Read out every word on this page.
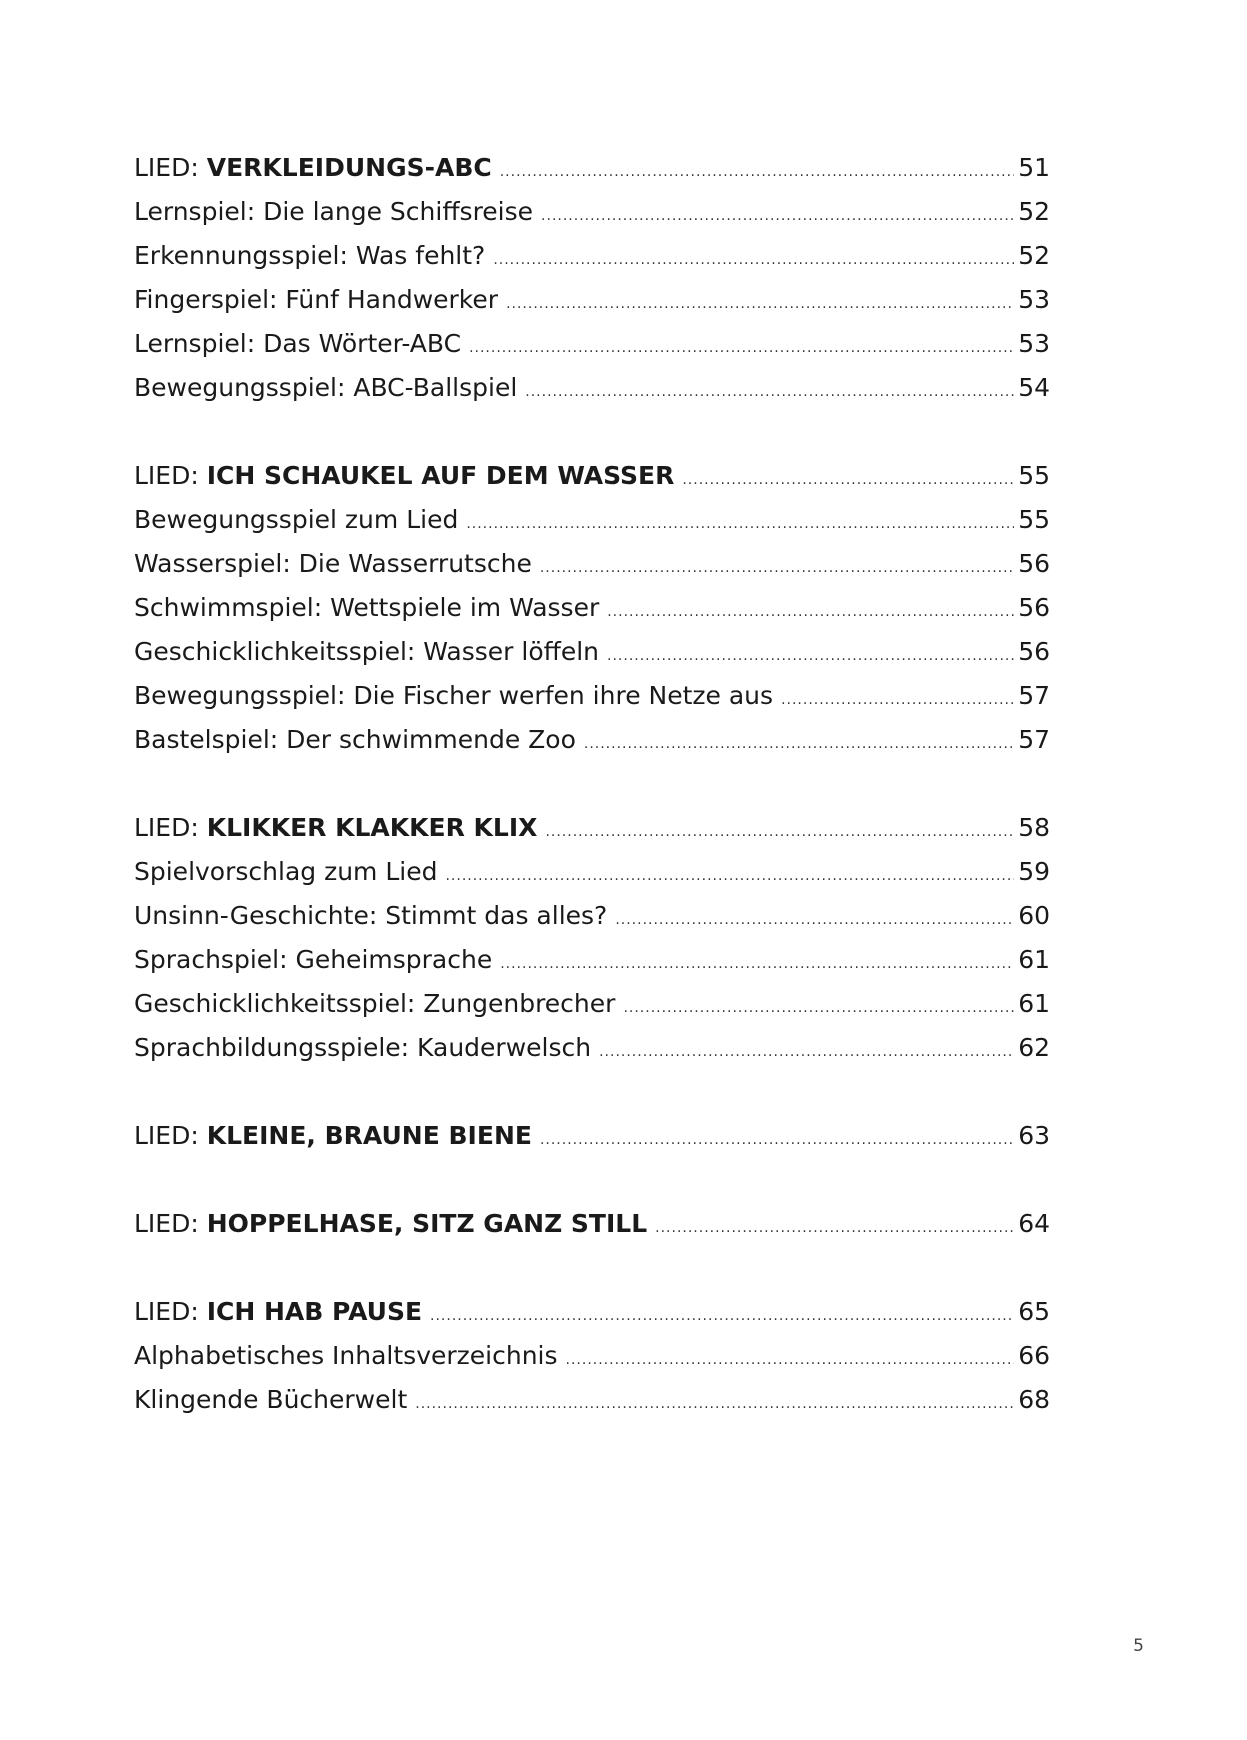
LIED: VERKLEIDUNGS-ABC .....	51
Lernspiel: Die lange Schiffsreise .....	52
Erkennungsspiel: Was fehlt? .....	52
Fingerspiel: Fünf Handwerker .....	53
Lernspiel: Das Wörter-ABC .....	53
Bewegungsspiel: ABC-Ballspiel .....	54
LIED: ICH SCHAUKEL AUF DEM WASSER .....	55
Bewegungsspiel zum Lied .....	55
Wasserspiel: Die Wasserrutsche .....	56
Schwimmspiel: Wettspiele im Wasser .....	56
Geschicklichkeitsspiel: Wasser löffeln .....	56
Bewegungsspiel: Die Fischer werfen ihre Netze aus .....	57
Bastelspiel: Der schwimmende Zoo .....	57
LIED: KLIKKER KLAKKER KLIX .....	58
Spielvorschlag zum Lied .....	59
Unsinn-Geschichte: Stimmt das alles? .....	60
Sprachspiel: Geheimsprache .....	61
Geschicklichkeitsspiel: Zungenbrecher .....	61
Sprachbildungsspiele: Kauderwelsch .....	62
LIED: KLEINE, BRAUNE BIENE .....	63
LIED: HOPPELHASE, SITZ GANZ STILL .....	64
LIED: ICH HAB PAUSE .....	65
Alphabetisches Inhaltsverzeichnis .....	66
Klingende Bücherwelt .....	68
5
